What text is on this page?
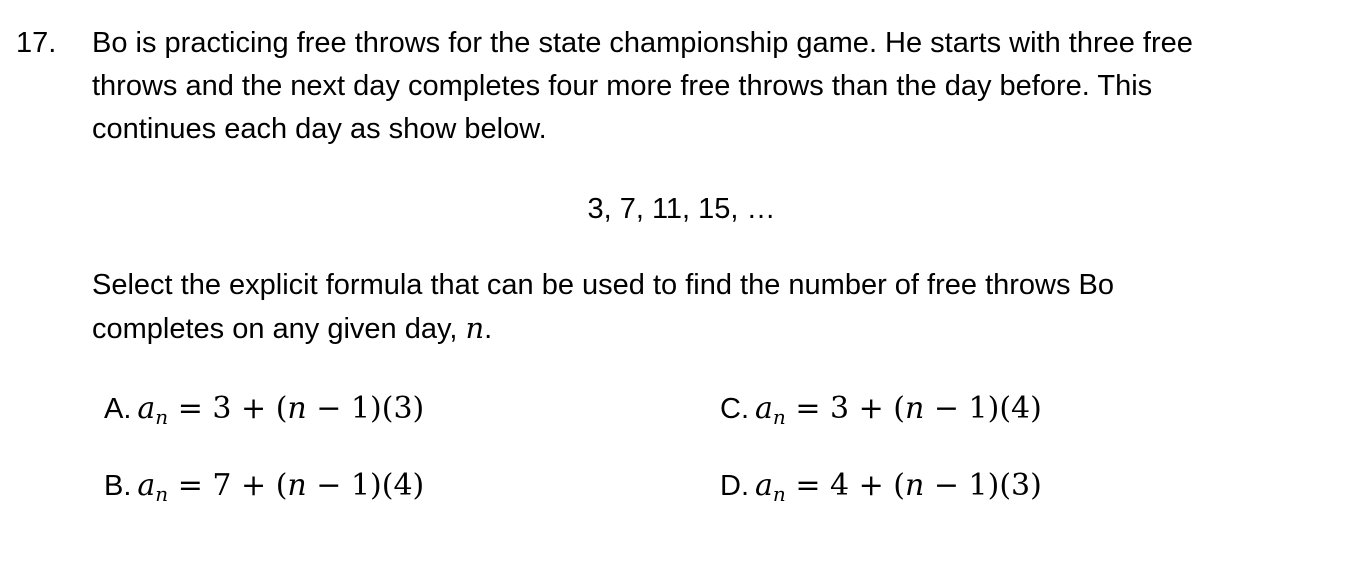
17. Bo is practicing free throws for the state championship game. He starts with three free
throws and the next day completes four more free throws than the day before. This
continues each day as show below.
3, 7, 11, 15, …
Select the explicit formula that can be used to find the number of free throws Bo
completes on any given day, n.
A. $a_n = 3 + (n - 1)(3)$
B. $a_n = 7 + (n - 1)(4)$
C. $a_n = 3 + (n - 1)(4)$
D. $a_n = 4 + (n - 1)(3)$
